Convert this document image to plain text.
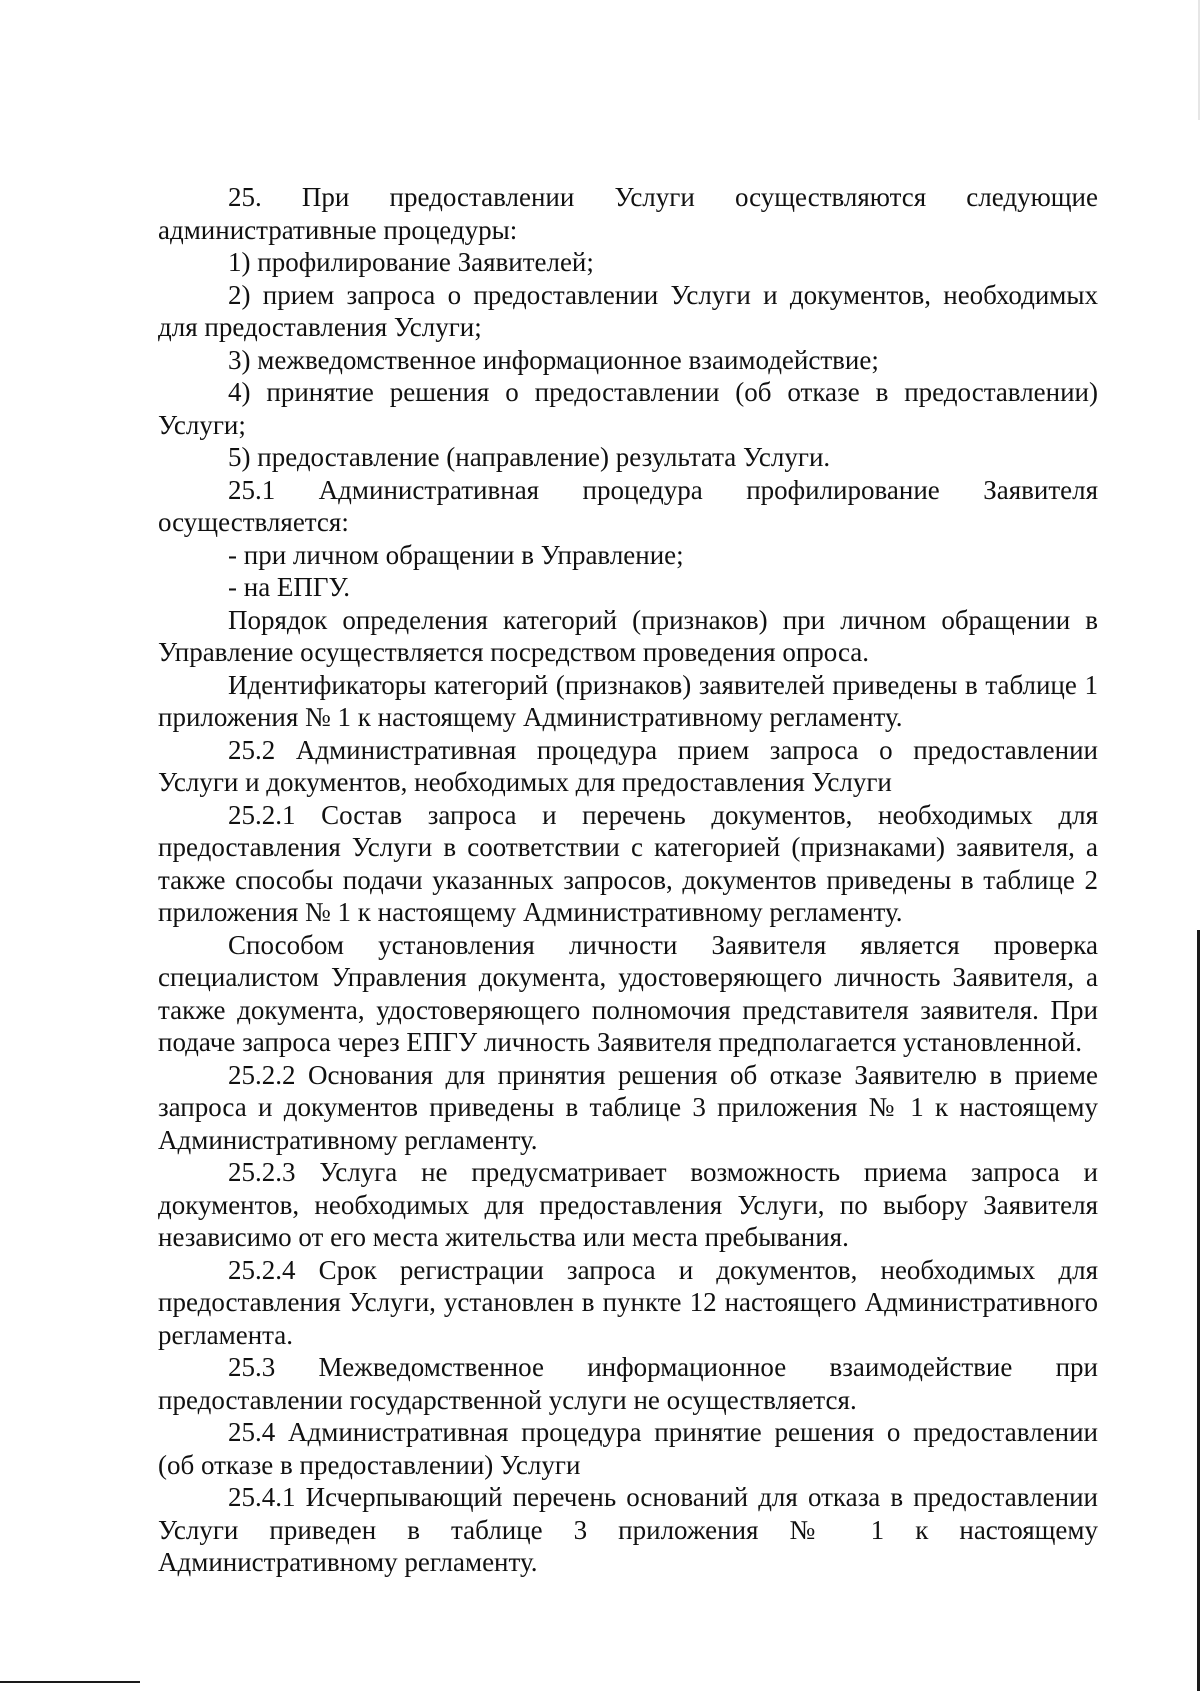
25. При предоставлении Услуги осуществляются следующие административные процедуры:

1) профилирование Заявителей;

2) прием запроса о предоставлении Услуги и документов, необходимых для предоставления Услуги;

3) межведомственное информационное взаимодействие;

4) принятие решения о предоставлении (об отказе в предоставлении) Услуги;

5) предоставление (направление) результата Услуги.

25.1 Административная процедура профилирование Заявителя осуществляется:

- при личном обращении в Управление;

- на ЕПГУ.

Порядок определения категорий (признаков) при личном обращении в Управление осуществляется посредством проведения опроса.

Идентификаторы категорий (признаков) заявителей приведены в таблице 1 приложения № 1 к настоящему Административному регламенту.

25.2 Административная процедура прием запроса о предоставлении Услуги и документов, необходимых для предоставления Услуги

25.2.1 Состав запроса и перечень документов, необходимых для предоставления Услуги в соответствии с категорией (признаками) заявителя, а также способы подачи указанных запросов, документов приведены в таблице 2 приложения № 1 к настоящему Административному регламенту.

Способом установления личности Заявителя является проверка специалистом Управления документа, удостоверяющего личность Заявителя, а также документа, удостоверяющего полномочия представителя заявителя. При подаче запроса через ЕПГУ личность Заявителя предполагается установленной.

25.2.2 Основания для принятия решения об отказе Заявителю в приеме запроса и документов приведены в таблице 3 приложения № 1 к настоящему Административному регламенту.

25.2.3 Услуга не предусматривает возможность приема запроса и документов, необходимых для предоставления Услуги, по выбору Заявителя независимо от его места жительства или места пребывания.

25.2.4 Срок регистрации запроса и документов, необходимых для предоставления Услуги, установлен в пункте 12 настоящего Административного регламента.

25.3 Межведомственное информационное взаимодействие при предоставлении государственной услуги не осуществляется.

25.4 Административная процедура принятие решения о предоставлении (об отказе в предоставлении) Услуги

25.4.1 Исчерпывающий перечень оснований для отказа в предоставлении Услуги приведен в таблице 3 приложения № 1 к настоящему Административному регламенту.
